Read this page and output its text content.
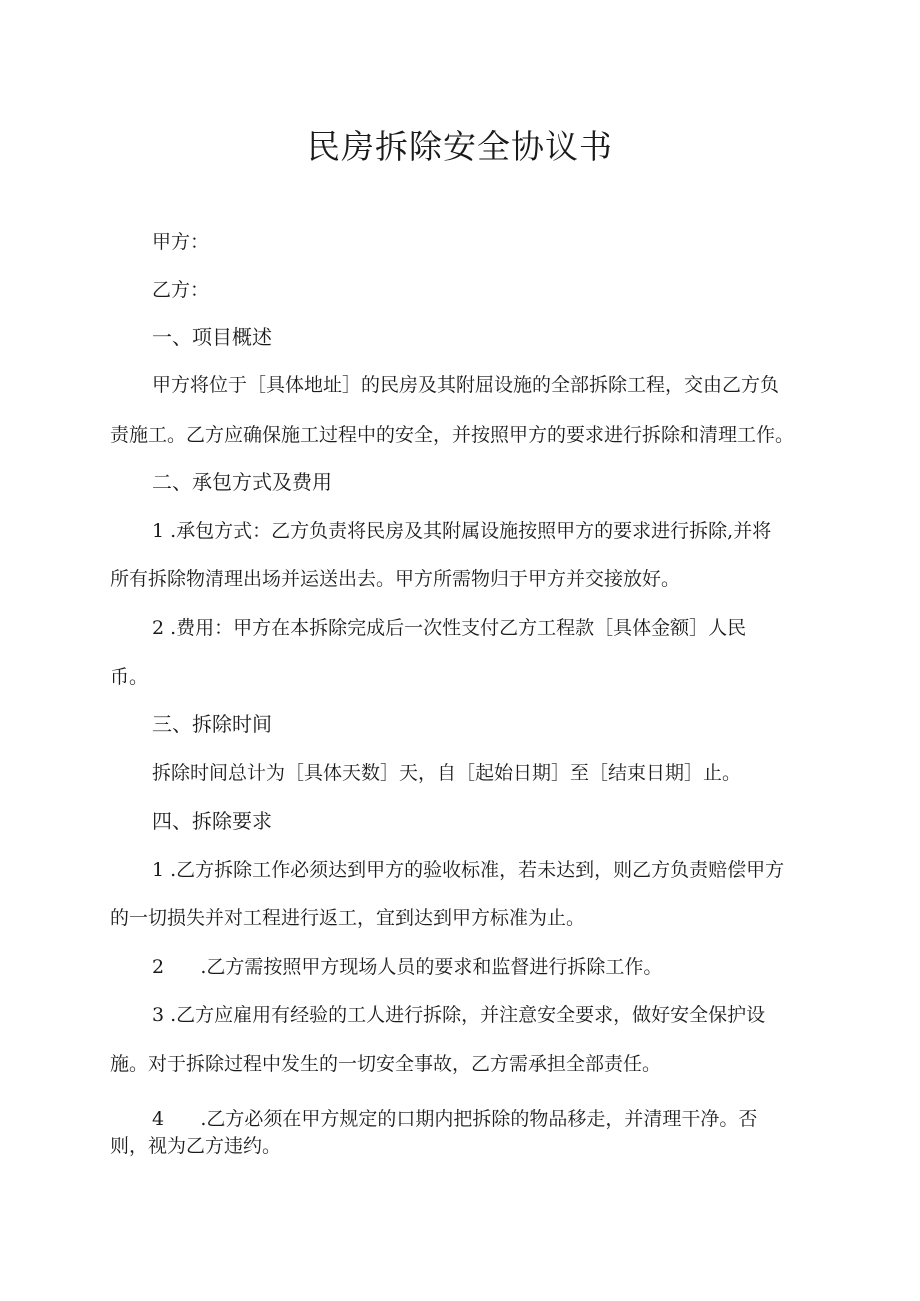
民房拆除安全协议书

甲方：

乙方：

一、项目概述

甲方将位于［具体地址］的民房及其附屈设施的全部拆除工程，交由乙方负

责施工。乙方应确保施工过程中的安全，并按照甲方的要求进行拆除和清理工作。

二、承包方式及费用

1 .承包方式：乙方负责将民房及其附属设施按照甲方的要求进行拆除,并将

所有拆除物清理出场并运送出去。甲方所需物归于甲方并交接放好。

2 .费用：甲方在本拆除完成后一次性支付乙方工程款［具体金额］人民

币。

三、拆除时间

拆除时间总计为［具体天数］天，自［起始日期］至［结束日期］止。

四、拆除要求

1 .乙方拆除工作必须达到甲方的验收标准，若未达到，则乙方负责赔偿甲方

的一切损失并对工程进行返工，宜到达到甲方标准为止。

2      .乙方需按照甲方现场人员的要求和监督进行拆除工作。

3 .乙方应雇用有经验的工人进行拆除，并注意安全要求，做好安全保护设

施。对于拆除过程中发生的一切安全事故，乙方需承担全部责任。

4      .乙方必须在甲方规定的口期内把拆除的物品移走，并清理干净。否

则，视为乙方违约。
